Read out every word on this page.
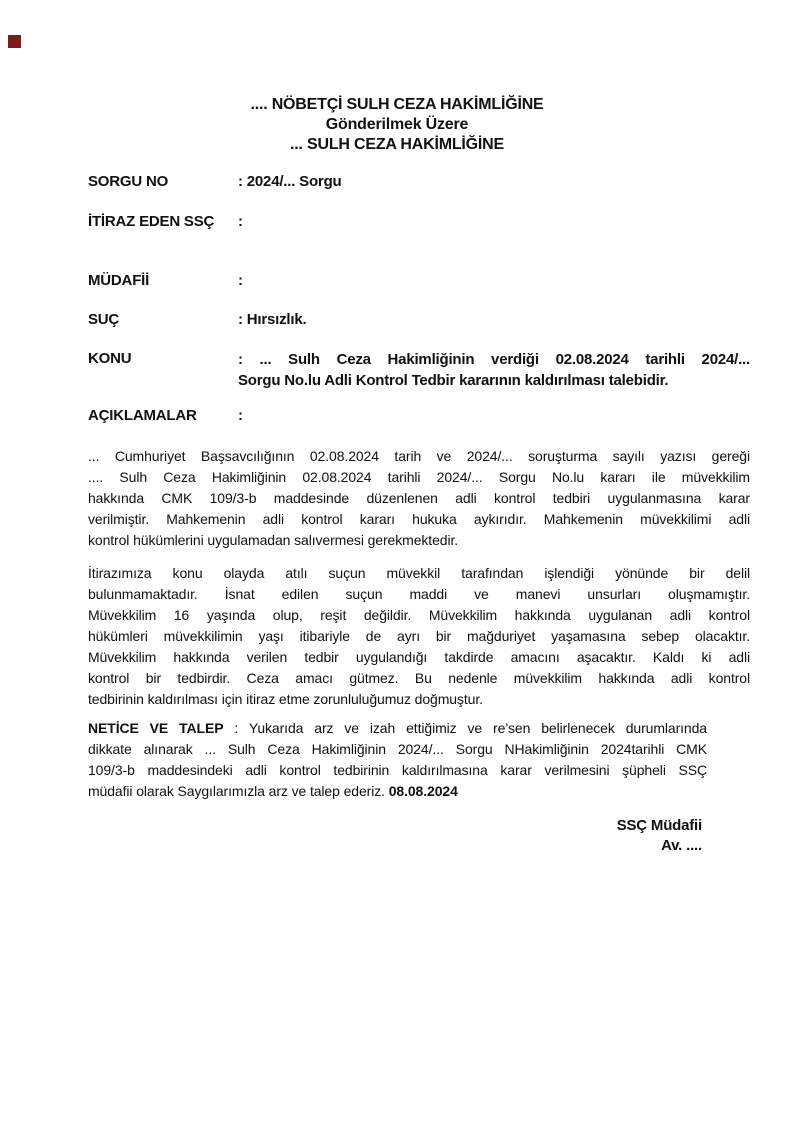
.... NÖBETÇİ SULH CEZA HAKİMLİĞİNE
Gönderilmek Üzere
... SULH CEZA HAKİMLİĞİNE
SORGU NO	: 2024/... Sorgu
İTİRAZ EDEN SSÇ	:
MÜDAFİİ	:
SUÇ	: Hırsızlık.
KONU	: ... Sulh Ceza Hakimliğinin verdiği 02.08.2024 tarihli 2024/...
Sorgu No.lu Adli Kontrol Tedbir kararının kaldırılması talebidir.
AÇIKLAMALAR	:
... Cumhuriyet Başsavcılığının 02.08.2024 tarih ve 2024/... soruşturma sayılı yazısı gereği
.... Sulh Ceza Hakimliğinin 02.08.2024 tarihli 2024/... Sorgu No.lu kararı ile müvekkilim
hakkında CMK 109/3-b maddesinde düzenlenen adli kontrol tedbiri uygulanmasına karar
verilmiştir. Mahkemenin adli kontrol kararı hukuka aykırıdır. Mahkemenin müvekkilimi adli
kontrol hükümlerini uygulamadan salıvermesi gerekmektedir.
İtirazımıza konu olayda atılı suçun müvekkil tarafından işlendiği yönünde bir delil
bulunmamaktadır. İsnat edilen suçun maddi ve manevi unsurları oluşmamıştır.
Müvekkilim 16 yaşında olup, reşit değildir. Müvekkilim hakkında uygulanan adli kontrol
hükümleri müvekkilimin yaşı itibariyle de ayrı bir mağduriyet yaşamasına sebep olacaktır.
Müvekkilim hakkında verilen tedbir uygulandığı takdirde amacını aşacaktır. Kaldı ki adli
kontrol bir tedbirdir. Ceza amacı gütmez. Bu nedenle müvekkilim hakkında adli kontrol
tedbirinin kaldırılması için itiraz etme zorunluluğumuz doğmuştur.
NETİCE VE TALEP : Yukarıda arz ve izah ettiğimiz ve re’sen belirlenecek durumlarında
dikkate alınarak ... Sulh Ceza Hakimliğinin 2024/... Sorgu NHakimliğinin 2024tarihli CMK
109/3-b maddesindeki adli kontrol tedbirinin kaldırılmasına karar verilmesini şüpheli SSÇ
müdafii olarak Saygılarımızla arz ve talep ederiz. 08.08.2024
SSÇ Müdafii
Av. ....
